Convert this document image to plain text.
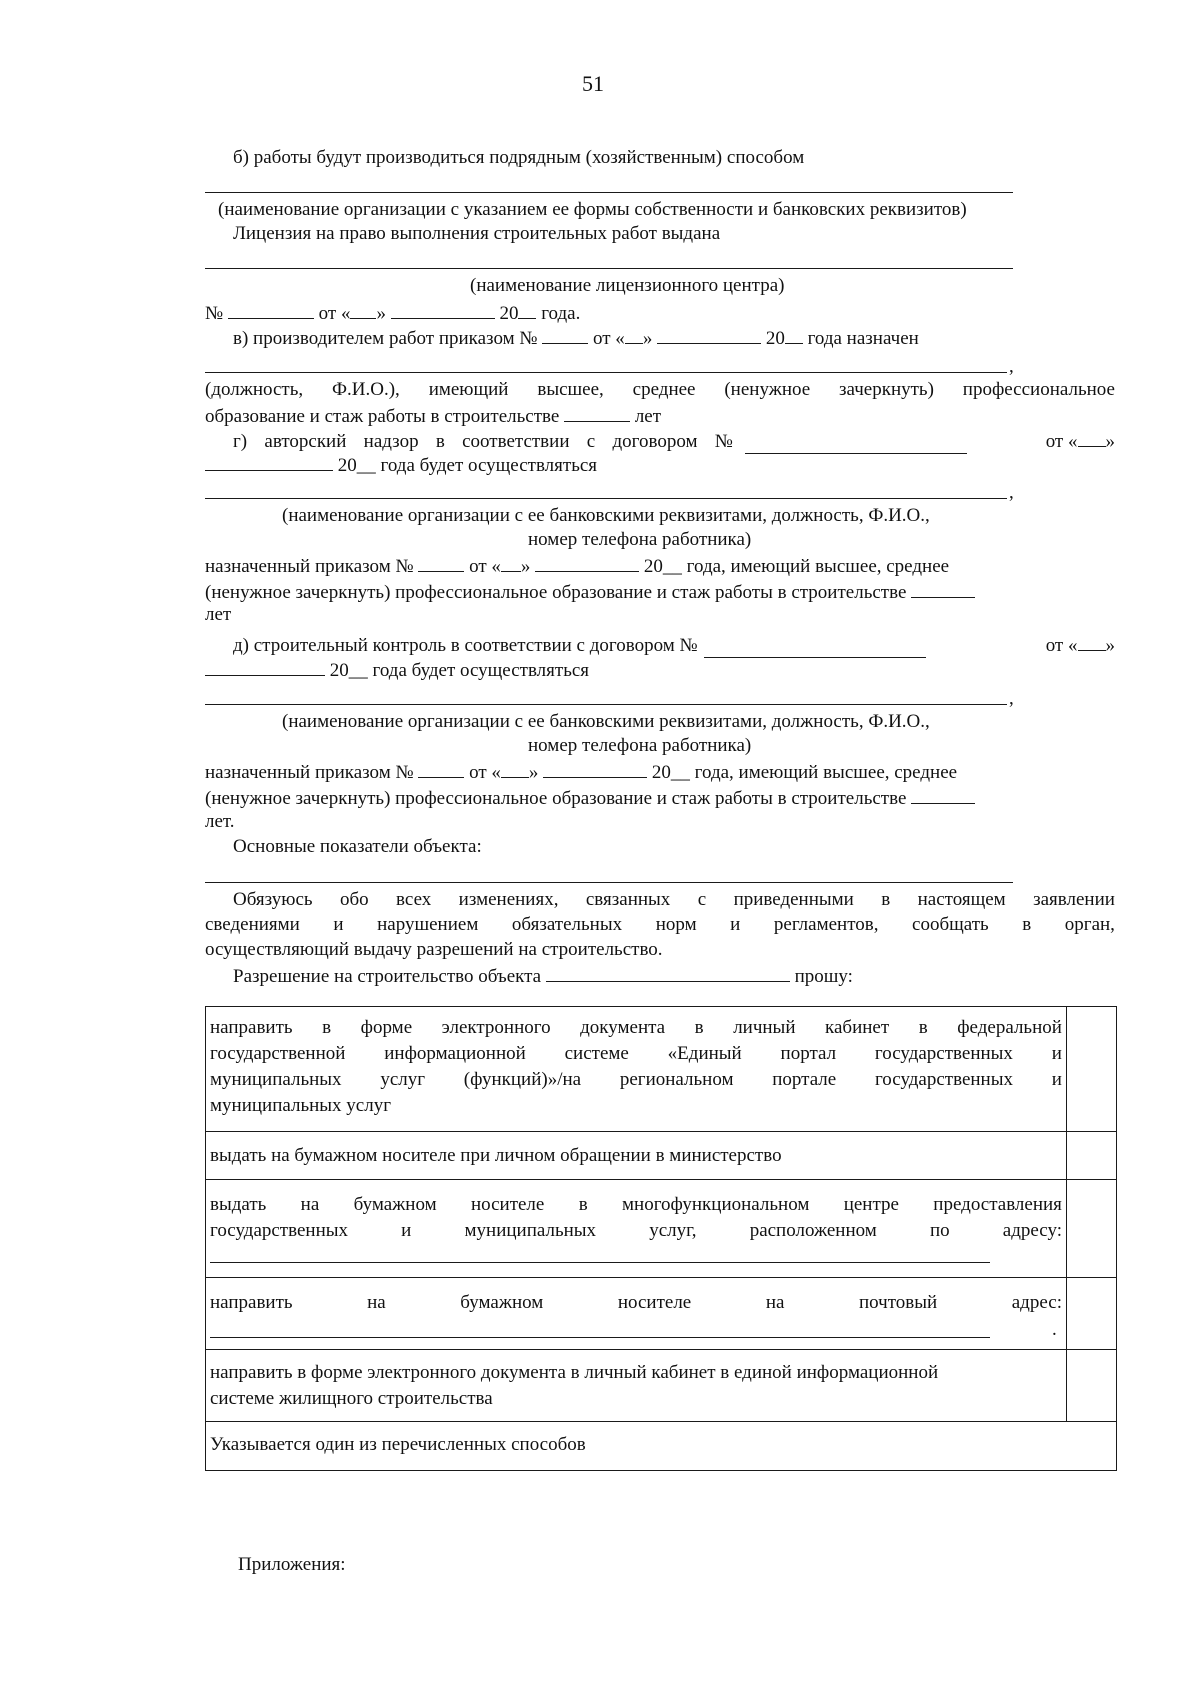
51
б) работы будут производиться подрядным (хозяйственным) способом
(наименование организации с указанием ее формы собственности и банковских реквизитов)
Лицензия на право выполнения строительных работ выдана
(наименование лицензионного центра)
№	от « »	20 года.
в) производителем работ приказом №	от « »	20 года назначен
,
(должность, Ф.И.О.), имеющий высшее, среднее (ненужное зачеркнуть) профессиональное
образование и стаж работы в строительстве	лет
г) авторский надзор в соответствии с договором №	от « »
20__ года будет осуществляться
,
(наименование организации с ее банковскими реквизитами, должность, Ф.И.О.,
номер телефона работника)
назначенный приказом №	от « »	20__ года, имеющий высшее, среднее
(ненужное зачеркнуть) профессиональное образование и стаж работы в строительстве
лет
д) строительный контроль в соответствии с договором №	от « »
20__ года будет осуществляться
,
(наименование организации с ее банковскими реквизитами, должность, Ф.И.О.,
номер телефона работника)
назначенный приказом №	от « »	20__ года, имеющий высшее, среднее
(ненужное зачеркнуть) профессиональное образование и стаж работы в строительстве
лет.
Основные показатели объекта:
Обязуюсь обо всех изменениях, связанных с приведенными в настоящем заявлении
сведениями и нарушением обязательных норм и регламентов, сообщать в орган,
осуществляющий выдачу разрешений на строительство.
Разрешение на строительство объекта	прошу:
направить в форме электронного документа в личный кабинет в федеральной
государственной информационной системе «Единый портал государственных и
муниципальных услуг (функций)»/на региональном портале государственных и
муниципальных услуг
выдать на бумажном носителе при личном обращении в министерство
выдать на бумажном носителе в многофункциональном центре предоставления
государственных	и	муниципальных	услуг,	расположенном	по	адресу:
направить	на	бумажном	носителе	на	почтовый	адрес:
.
направить в форме электронного документа в личный кабинет в единой информационной
системе жилищного строительства
Указывается один из перечисленных способов
Приложения:
